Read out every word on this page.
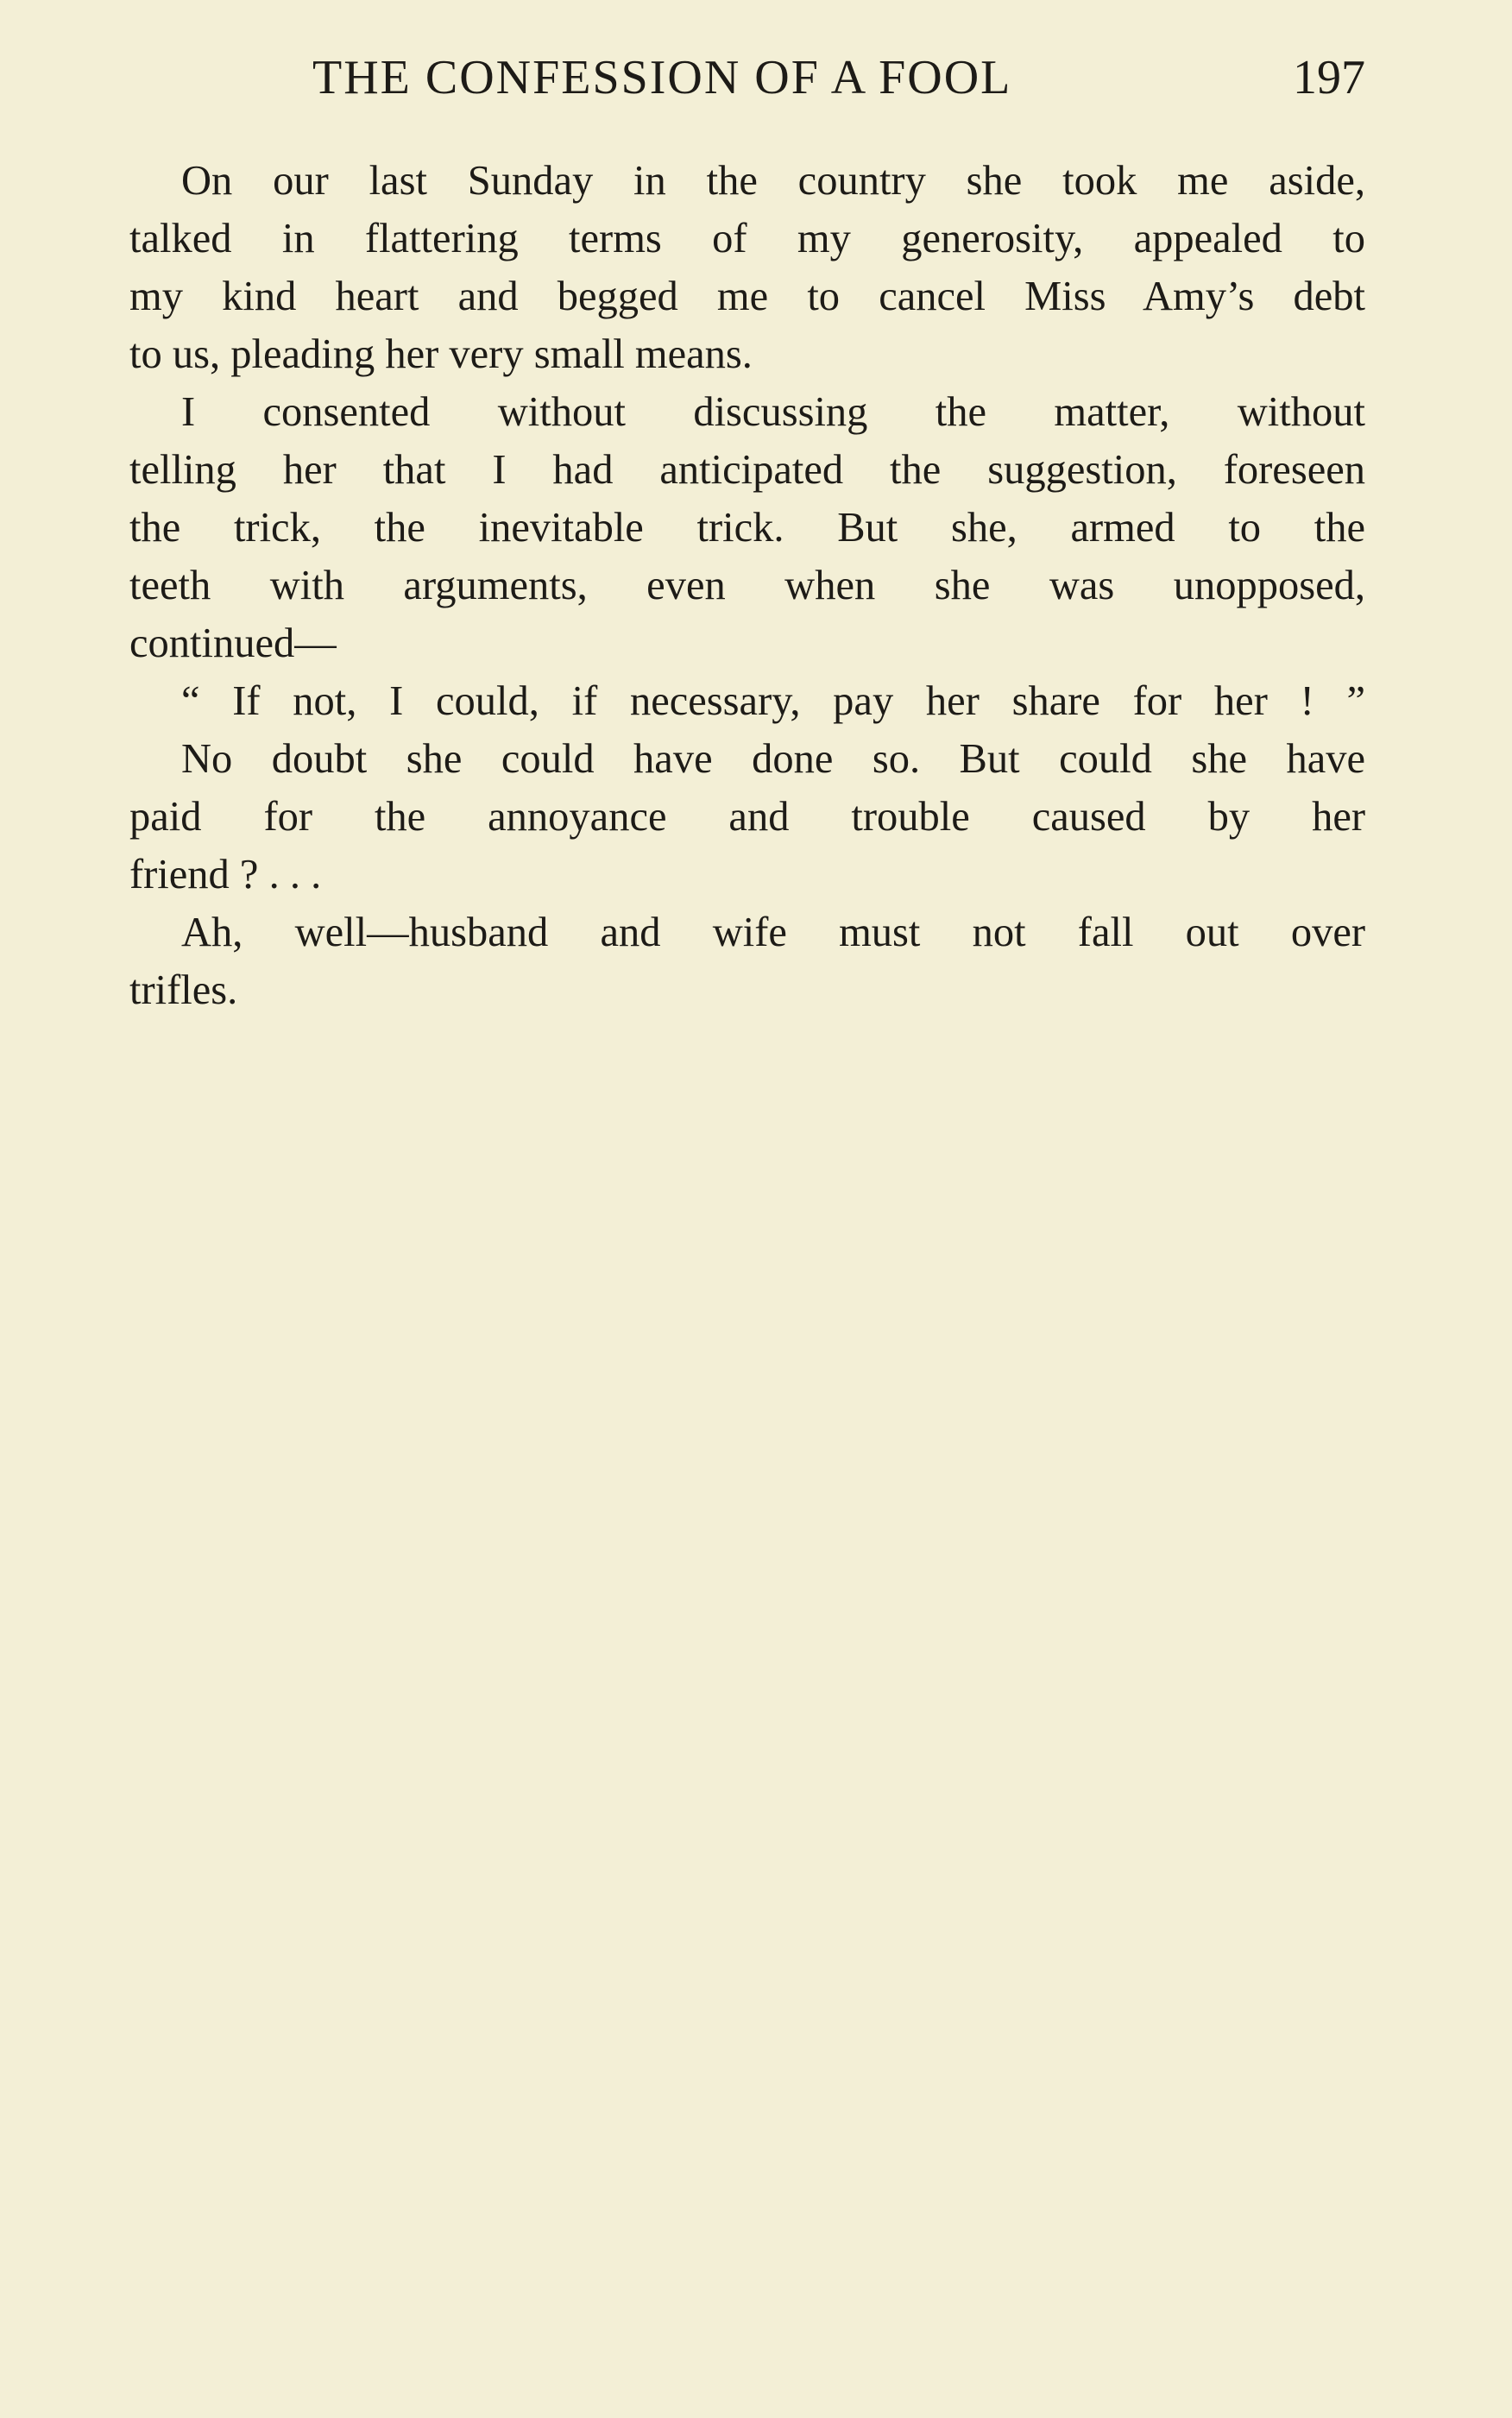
THE CONFESSION OF A FOOL	197
On our last Sunday in the country she took me aside,
talked in flattering terms of my generosity, appealed to
my kind heart and begged me to cancel Miss Amy’s debt
to us, pleading her very small means.
I consented without discussing the matter, without
telling her that I had anticipated the suggestion, foreseen
the trick, the inevitable trick. But she, armed to the
teeth with arguments, even when she was unopposed,
continued—
“ If not, I could, if necessary, pay her share for her ! ”
No doubt she could have done so. But could she have
paid for the annoyance and trouble caused by her
friend ? . . .
Ah, well—husband and wife must not fall out over
trifles.
